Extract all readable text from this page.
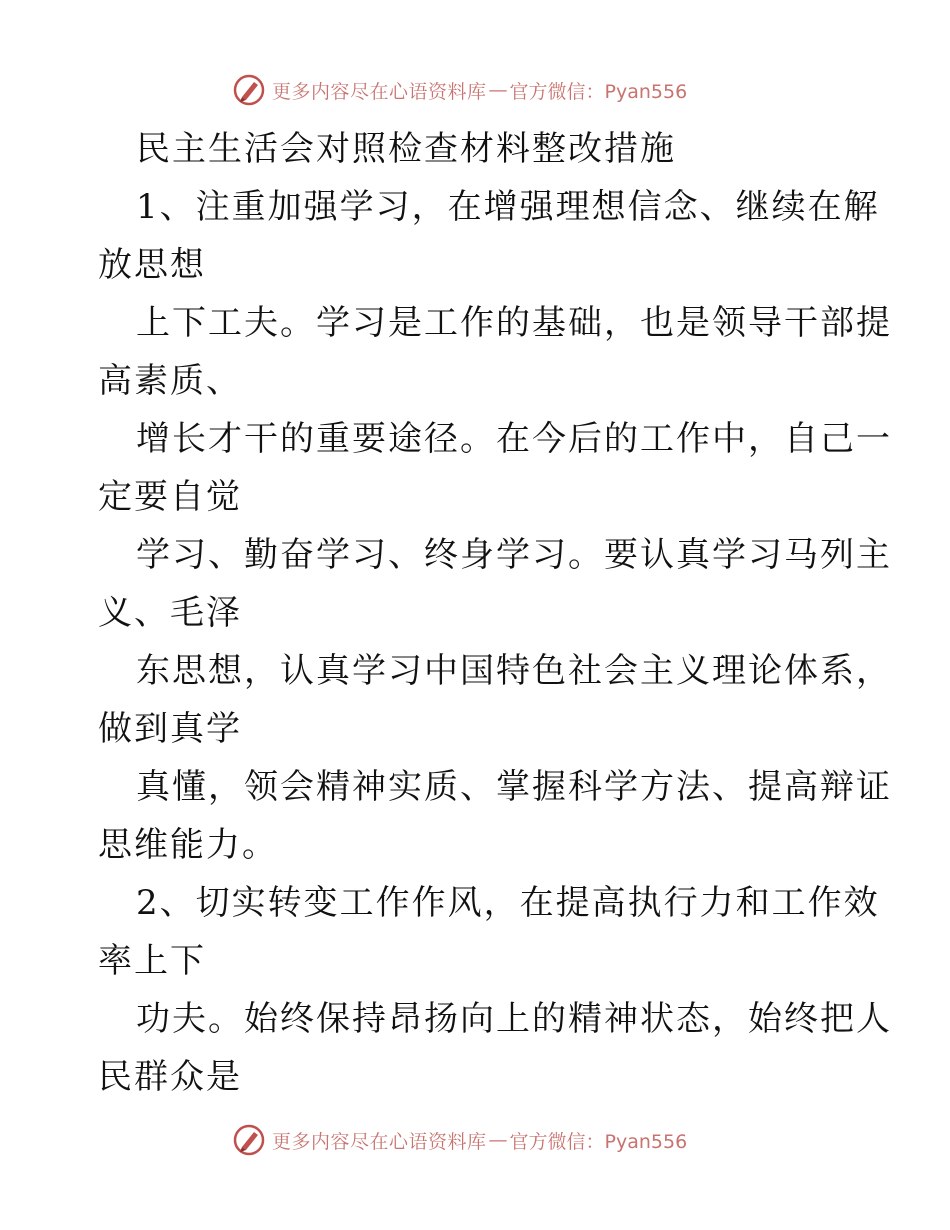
更多内容尽在心语资料库 — 官方微信：Pyan556
民主生活会对照检查材料整改措施
1、注重加强学习，在增强理想信念、继续在解
放思想
上下工夫。学习是工作的基础，也是领导干部提
高素质、
增长才干的重要途径。在今后的工作中，自己一
定要自觉
学习、勤奋学习、终身学习。要认真学习马列主
义、毛泽
东思想，认真学习中国特色社会主义理论体系，
做到真学
真懂，领会精神实质、掌握科学方法、提高辩证
思维能力。
2、切实转变工作作风，在提高执行力和工作效
率上下
功夫。始终保持昂扬向上的精神状态，始终把人
民群众是
更多内容尽在心语资料库 — 官方微信：Pyan556
